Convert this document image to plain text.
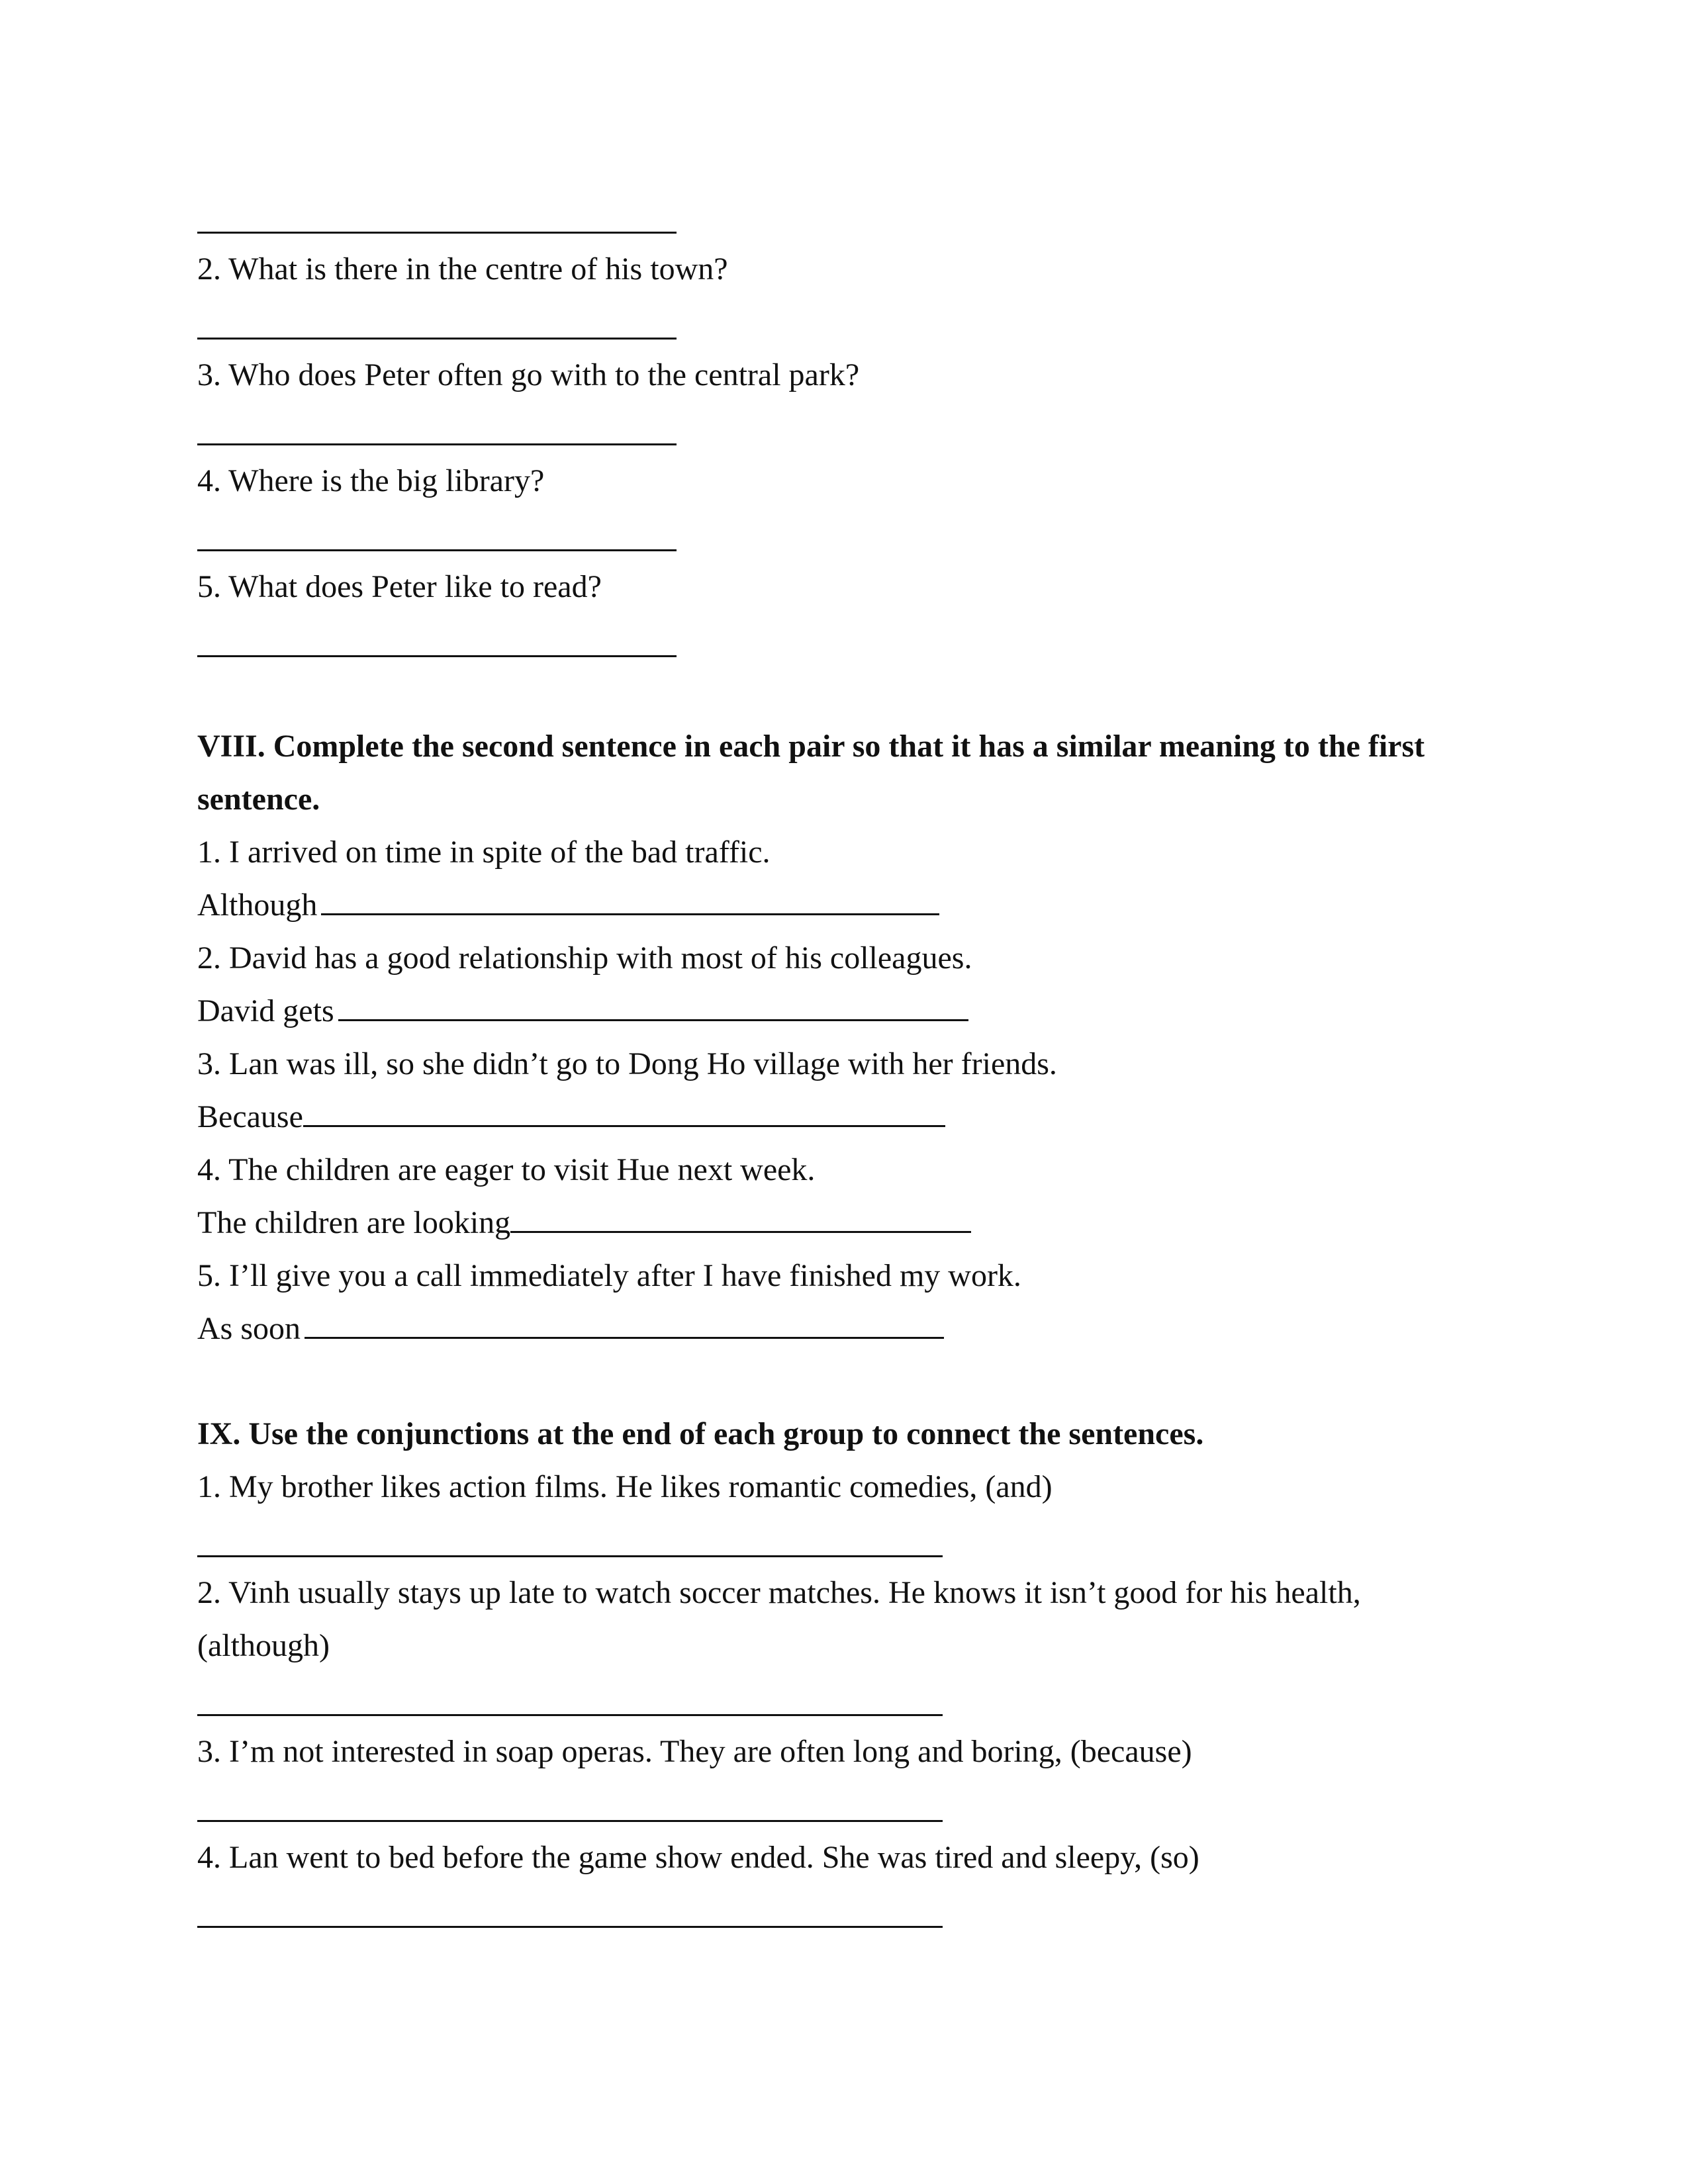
2. What is there in the centre of his town?
3. Who does Peter often go with to the central park?
4. Where is the big library?
5. What does Peter like to read?
VIII. Complete the second sentence in each pair so that it has a similar meaning to the first
sentence.
1. I arrived on time in spite of the bad traffic.
Although
2. David has a good relationship with most of his colleagues.
David gets
3. Lan was ill, so she didn’t go to Dong Ho village with her friends.
Because
4. The children are eager to visit Hue next week.
The children are looking
5. I’ll give you a call immediately after I have finished my work.
As soon
IX. Use the conjunctions at the end of each group to connect the sentences.
1. My brother likes action films. He likes romantic comedies, (and)
2. Vinh usually stays up late to watch soccer matches. He knows it isn’t good for his health,
(although)
3. I’m not interested in soap operas. They are often long and boring, (because)
4. Lan went to bed before the game show ended. She was tired and sleepy, (so)
